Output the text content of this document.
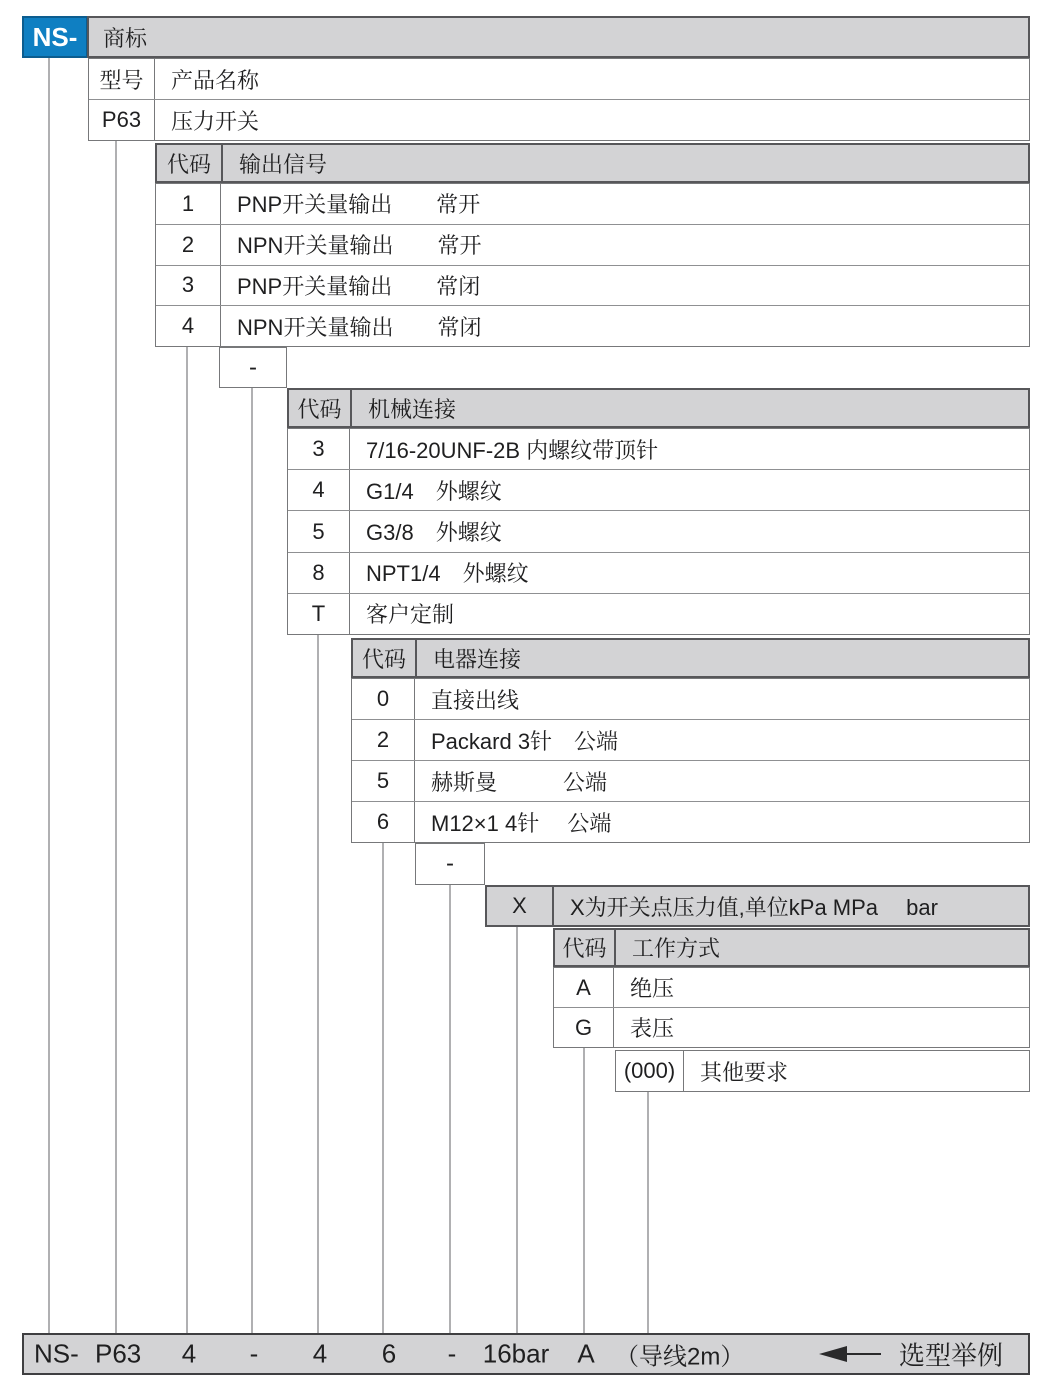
NS-	商标
型号	产品名称
P63	压力开关
代码	输出信号
1	PNP开关量输出　　常开
2	NPN开关量输出　　常开
3	PNP开关量输出　　常闭
4	NPN开关量输出　　常闭
-
代码	机械连接
3	7/16-20UNF-2B 内螺纹带顶针
4	G1/4　外螺纹
5	G3/8　外螺纹
8	NPT1/4　外螺纹
T	客户定制
代码	电器连接
0	直接出线
2	Packard 3针　公端
5	赫斯曼　　　公端
6	M12×1 4针　 公端
-
X	X为开关点压力值,单位kPa MPa　 bar
代码	工作方式
A	绝压
G	表压
(000)	其他要求
NS- P63 4 - 4 6 - 16bar A （导线2m）	选型举例
